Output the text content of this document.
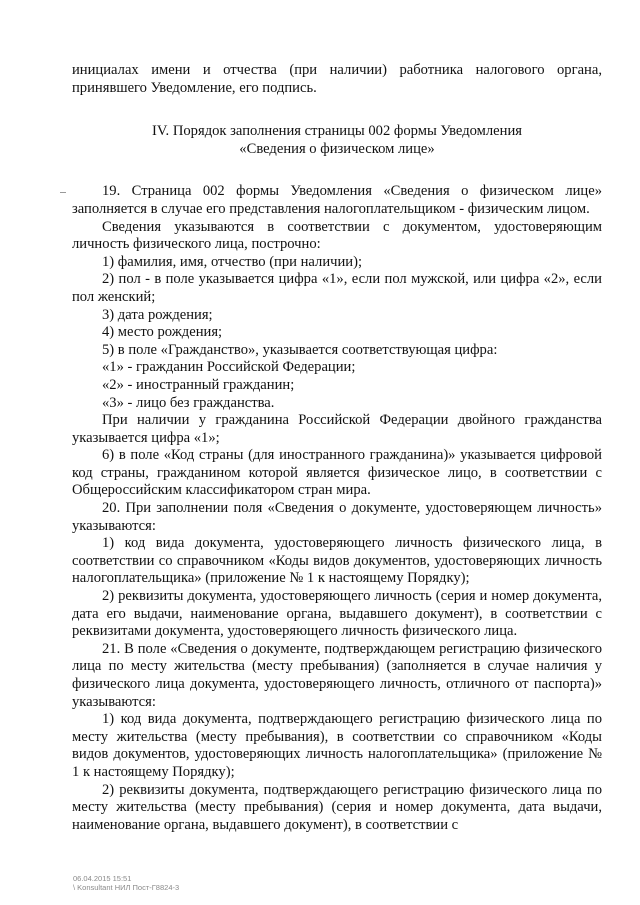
инициалах имени и отчества (при наличии) работника налогового органа, принявшего Уведомление, его подпись.

IV. Порядок заполнения страницы 002 формы Уведомления
«Сведения о физическом лице»

19. Страница 002 формы Уведомления «Сведения о физическом лице» заполняется в случае его представления налогоплательщиком - физическим лицом.

Сведения указываются в соответствии с документом, удостоверяющим личность физического лица, построчно:

1) фамилия, имя, отчество (при наличии);

2) пол - в поле указывается цифра «1», если пол мужской, или цифра «2», если пол женский;

3) дата рождения;

4) место рождения;

5) в поле «Гражданство», указывается соответствующая цифра:

«1» - гражданин Российской Федерации;

«2» - иностранный гражданин;

«3» - лицо без гражданства.

При наличии у гражданина Российской Федерации двойного гражданства указывается цифра «1»;

6) в поле «Код страны (для иностранного гражданина)» указывается цифровой код страны, гражданином которой является физическое лицо, в соответствии с Общероссийским классификатором стран мира.

20. При заполнении поля «Сведения о документе, удостоверяющем личность» указываются:

1) код вида документа, удостоверяющего личность физического лица, в соответствии со справочником «Коды видов документов, удостоверяющих личность налогоплательщика» (приложение № 1 к настоящему Порядку);

2) реквизиты документа, удостоверяющего личность (серия и номер документа, дата его выдачи, наименование органа, выдавшего документ), в соответствии с реквизитами документа, удостоверяющего личность физического лица.

21. В поле «Сведения о документе, подтверждающем регистрацию физического лица по месту жительства (месту пребывания) (заполняется в случае наличия у физического лица документа, удостоверяющего личность, отличного от паспорта)» указываются:

1) код вида документа, подтверждающего регистрацию физического лица по месту жительства (месту пребывания), в соответствии со справочником «Коды видов документов, удостоверяющих личность налогоплательщика» (приложение № 1 к настоящему Порядку);

2) реквизиты документа, подтверждающего регистрацию физического лица по месту жительства (месту пребывания) (серия и номер документа, дата выдачи, наименование органа, выдавшего документ), в соответствии с

06.04.2015 15:51
\ Konsultant НИЛ Пост-Г8824-3
